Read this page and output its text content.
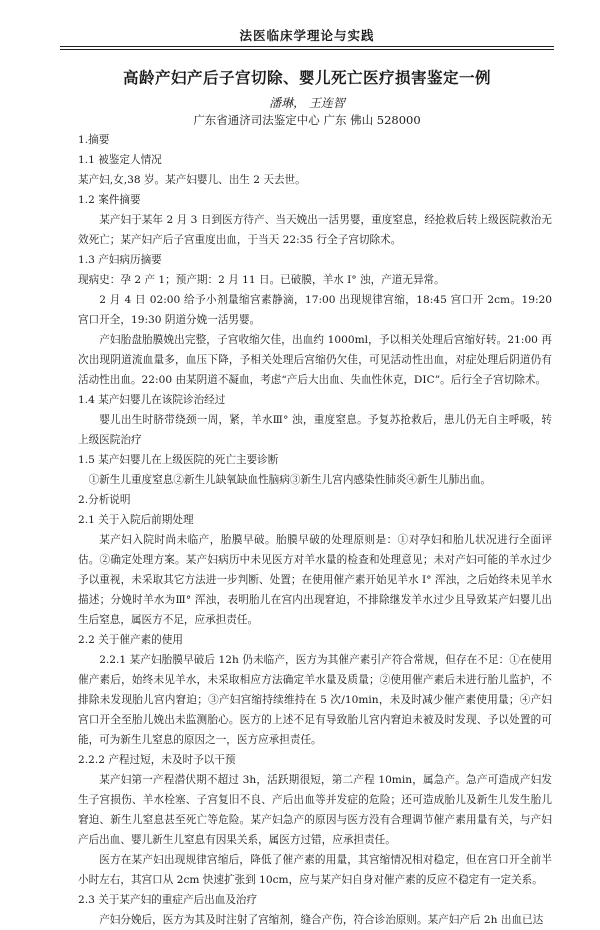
法医临床学理论与实践
高龄产妇产后子宫切除、婴儿死亡医疗损害鉴定一例
潘琳， 王连智
广东省通济司法鉴定中心 广东 佛山 528000

1.摘要

1.1 被鉴定人情况

某产妇,女,38 岁。某产妇婴儿、出生 2 天去世。

1.2 案件摘要

某产妇于某年 2 月 3 日到医方待产、当天娩出一活男婴，重度窒息，经抢救后转上级医院救治无效死亡；某产妇产后子宫重度出血，于当天 22:35 行全子宫切除术。

1.3 产妇病历摘要

现病史：孕 2 产 1；预产期：2 月 11 日。已破膜，羊水 I° 浊，产道无异常。

2 月 4 日 02:00 给予小剂量缩宫素静滴，17:00 出现规律宫缩，18:45 宫口开 2cm。19:20 宫口开全，19:30 阴道分娩一活男婴。

产妇胎盘胎膜娩出完整，子宫收缩欠佳，出血约 1000ml，予以相关处理后宫缩好转。21:00 再次出现阴道流血量多，血压下降，予相关处理后宫缩仍欠佳，可见活动性出血，对症处理后阴道仍有活动性出血。22:00 由某阴道不凝血，考虑“产后大出血、失血性休克，DIC”。后行全子宫切除术。

1.4 某产妇婴儿在该院诊治经过

婴儿出生时脐带绕颈一周，紧，羊水Ⅲ° 浊，重度窒息。予复苏抢救后，患儿仍无自主呼吸，转上级医院治疗

1.5 某产妇婴儿在上级医院的死亡主要诊断

①新生儿重度窒息②新生儿缺氧缺血性脑病③新生儿宫内感染性肺炎④新生儿肺出血。

2.分析说明

2.1 关于入院后前期处理

某产妇入院时尚未临产，胎膜早破。胎膜早破的处理原则是：①对孕妇和胎儿状况进行全面评估。②确定处理方案。某产妇病历中未见医方对羊水量的检查和处理意见；未对产妇可能的羊水过少予以重视，未采取其它方法进一步判断、处置；在使用催产素开始见羊水 I° 浑浊，之后始终未见羊水描述；分娩时羊水为Ⅲ° 浑浊，表明胎儿在宫内出现窘迫，不排除继发羊水过少且导致某产妇婴儿出生后窒息，属医方不足，应承担责任。

2.2 关于催产素的使用

2.2.1 某产妇胎膜早破后 12h 仍未临产，医方为其催产素引产符合常规，但存在不足：①在使用催产素后，始终未见羊水，未采取相应方法确定羊水量及质量；②使用催产素后未进行胎儿监护，不排除未发现胎儿宫内窘迫；③产妇宫缩持续维持在 5 次/10min，未及时减少催产素使用量；④产妇宫口开全至胎儿娩出未监测胎心。医方的上述不足有导致胎儿宫内窘迫未被及时发现、予以处置的可能，可为新生儿窒息的原因之一，医方应承担责任。

2.2.2 产程过短，未及时予以干预

某产妇第一产程潜伏期不超过 3h，活跃期很短，第二产程 10min，属急产。急产可造成产妇发生子宫损伤、羊水栓塞、子宫复旧不良、产后出血等并发症的危险；还可造成胎儿及新生儿发生胎儿窘迫、新生儿窒息甚至死亡等危险。某产妇急产的原因与医方没有合理调节催产素用量有关，与产妇产后出血、婴儿新生儿窒息有因果关系，属医方过错，应承担责任。

医方在某产妇出现规律宫缩后，降低了催产素的用量，其宫缩情况相对稳定，但在宫口开全前半小时左右，其宫口从 2cm 快速扩张到 10cm，应与某产妇自身对催产素的反应不稳定有一定关系。

2.3 关于某产妇的重症产后出血及治疗

产妇分娩后，医方为其及时注射了宫缩剂，缝合产伤，符合诊治原则。某产妇产后 2h 出血已达
